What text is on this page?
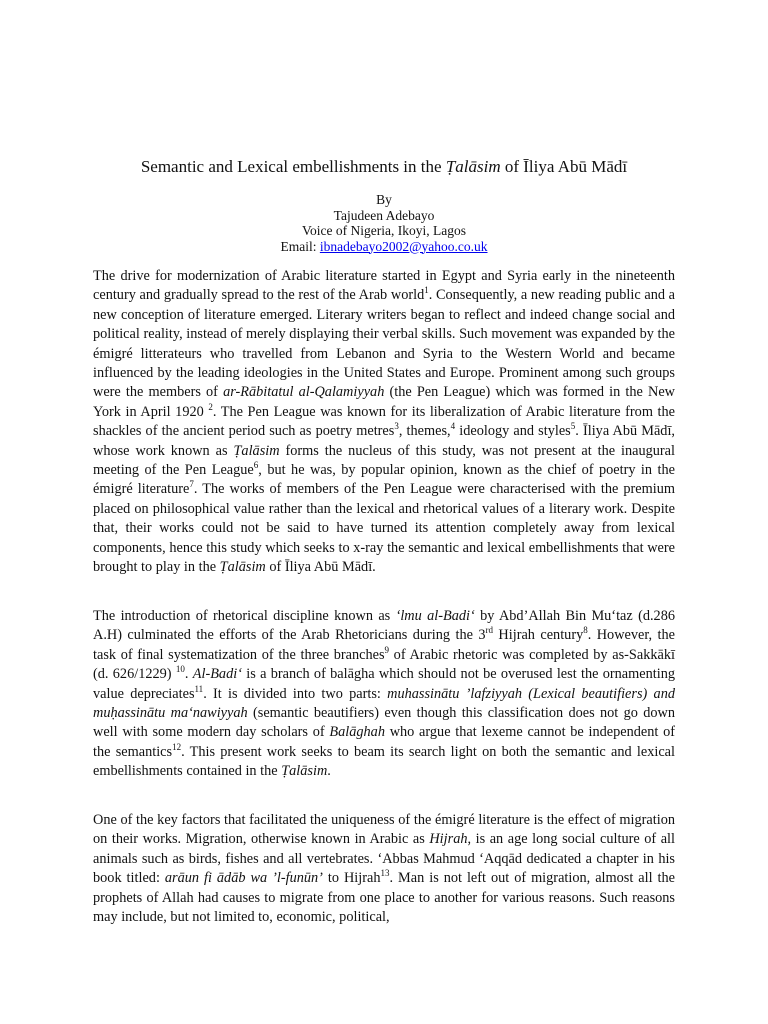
Semantic and Lexical embellishments in the Ṭalāsim of Īliya Abū Mādī
By
Tajudeen Adebayo
Voice of Nigeria, Ikoyi, Lagos
Email: ibnadebayo2002@yahoo.co.uk

The drive for modernization of Arabic literature started in Egypt and Syria early in the nineteenth century and gradually spread to the rest of the Arab world$^1$. Consequently, a new reading public and a new conception of literature emerged. Literary writers began to reflect and indeed change social and political reality, instead of merely displaying their verbal skills. Such movement was expanded by the émigré litterateurs who travelled from Lebanon and Syria to the Western World and became influenced by the leading ideologies in the United States and Europe. Prominent among such groups were the members of ar-Rābitatul al-Qalamiyyah (the Pen League) which was formed in the New York in April 1920 $^2$. The Pen League was known for its liberalization of Arabic literature from the shackles of the ancient period such as poetry metres$^3$, themes,$^4$ ideology and styles$^5$. Īliya Abū Mādī, whose work known as Ṭalāsim forms the nucleus of this study, was not present at the inaugural meeting of the Pen League$^6$, but he was, by popular opinion, known as the chief of poetry in the émigré literature$^7$. The works of members of the Pen League were characterised with the premium placed on philosophical value rather than the lexical and rhetorical values of a literary work. Despite that, their works could not be said to have turned its attention completely away from lexical components, hence this study which seeks to x-ray the semantic and lexical embellishments that were brought to play in the Ṭalāsim of Īliya Abū Mādī.

The introduction of rhetorical discipline known as ‘lmu al-Badi‘ by Abd’Allah Bin Mu‘taz (d.286 A.H) culminated the efforts of the Arab Rhetoricians during the 3rd Hijrah century$^8$. However, the task of final systematization of the three branches$^9$ of Arabic rhetoric was completed by as-Sakkākī (d. 626/1229) $^{10}$. Al-Badi‘ is a branch of balāgha which should not be overused lest the ornamenting value depreciates$^{11}$. It is divided into two parts: muhassinātu ’lafziyyah (Lexical beautifiers) and muḥassinātu ma‘nawiyyah (semantic beautifiers) even though this classification does not go down well with some modern day scholars of Balāghah who argue that lexeme cannot be independent of the semantics$^{12}$. This present work seeks to beam its search light on both the semantic and lexical embellishments contained in the Ṭalāsim.

One of the key factors that facilitated the uniqueness of the émigré literature is the effect of migration on their works. Migration, otherwise known in Arabic as Hijrah, is an age long social culture of all animals such as birds, fishes and all vertebrates. ‘Abbas Mahmud ‘Aqqād dedicated a chapter in his book titled: arāun fi ādāb wa ’l-funūn’ to Hijrah$^{13}$. Man is not left out of migration, almost all the prophets of Allah had causes to migrate from one place to another for various reasons. Such reasons may include, but not limited to, economic, political,
